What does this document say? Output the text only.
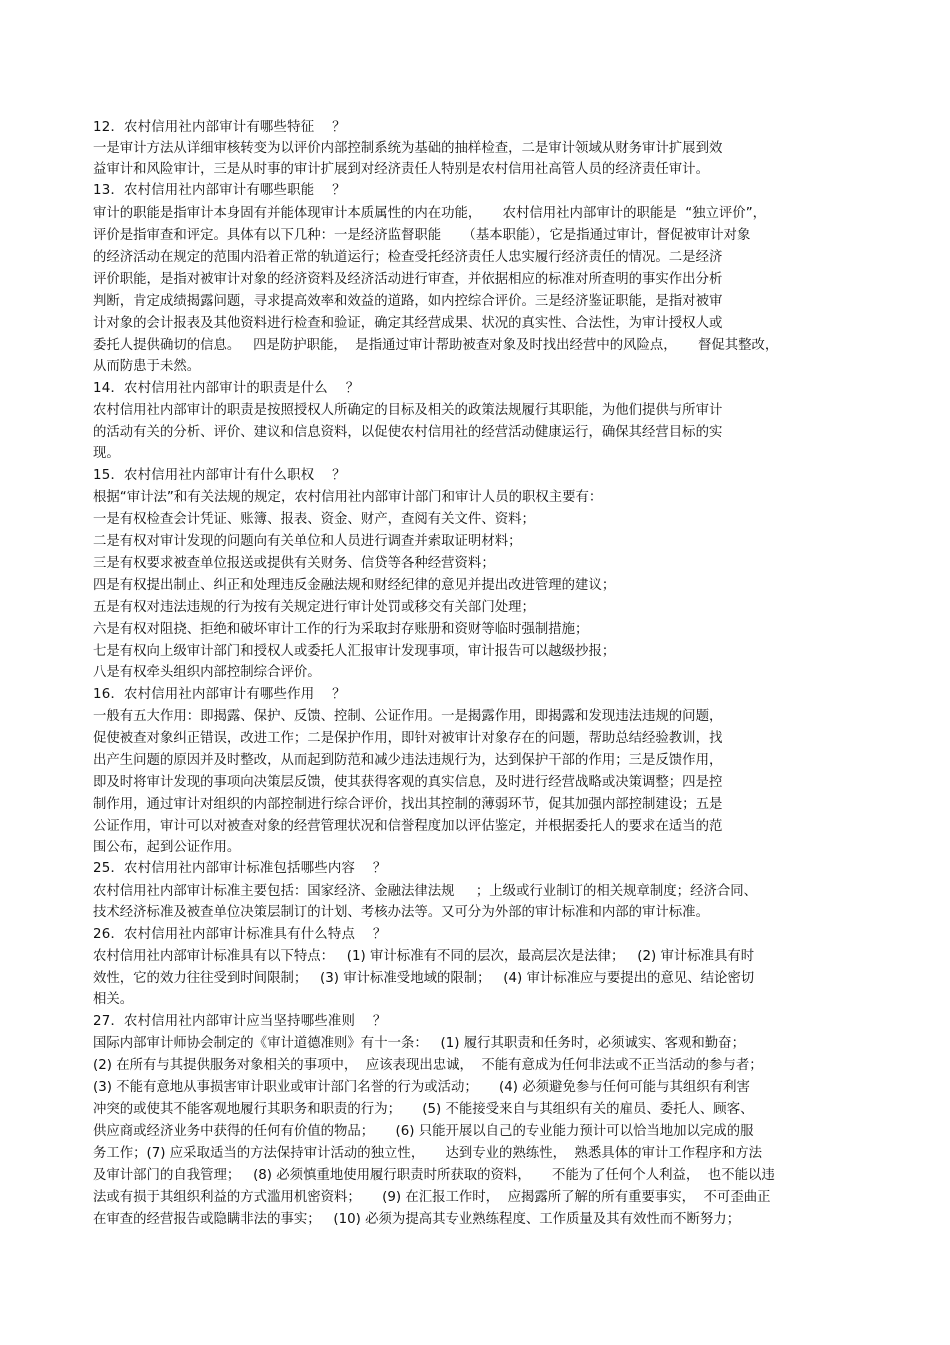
12．农村信用社内部审计有哪些特征    ？
一是审计方法从详细审核转变为以评价内部控制系统为基础的抽样检查，二是审计领域从财务审计扩展到效
益审计和风险审计，三是从时事的审计扩展到对经济责任人特别是农村信用社高管人员的经济责任审计。
13．农村信用社内部审计有哪些职能    ？
审计的职能是指审计本身固有并能体现审计本质属性的内在功能，     农村信用社内部审计的职能是  “独立评价”，
评价是指审查和评定。具体有以下几种：一是经济监督职能     （基本职能），它是指通过审计，督促被审计对象
的经济活动在规定的范围内沿着正常的轨道运行；检查受托经济责任人忠实履行经济责任的情况。二是经济
评价职能，是指对被审计对象的经济资料及经济活动进行审查，并依据相应的标准对所查明的事实作出分析
判断，肯定成绩揭露问题，寻求提高效率和效益的道路，如内控综合评价。三是经济鉴证职能，是指对被审
计对象的会计报表及其他资料进行检查和验证，确定其经营成果、状况的真实性、合法性，为审计授权人或
委托人提供确切的信息。   四是防护职能，  是指通过审计帮助被查对象及时找出经营中的风险点，     督促其整改，
从而防患于未然。
14．农村信用社内部审计的职责是什么    ？
农村信用社内部审计的职责是按照授权人所确定的目标及相关的政策法规履行其职能，为他们提供与所审计
的活动有关的分析、评价、建议和信息资料，以促使农村信用社的经营活动健康运行，确保其经营目标的实
现。
15．农村信用社内部审计有什么职权    ？
根据“审计法”和有关法规的规定，农村信用社内部审计部门和审计人员的职权主要有：
一是有权检查会计凭证、账簿、报表、资金、财产，查阅有关文件、资料；
二是有权对审计发现的问题向有关单位和人员进行调查并索取证明材料；
三是有权要求被查单位报送或提供有关财务、信贷等各种经营资料；
四是有权提出制止、纠正和处理违反金融法规和财经纪律的意见并提出改进管理的建议；
五是有权对违法违规的行为按有关规定进行审计处罚或移交有关部门处理；
六是有权对阻挠、拒绝和破坏审计工作的行为采取封存账册和资财等临时强制措施；
七是有权向上级审计部门和授权人或委托人汇报审计发现事项，审计报告可以越级抄报；
八是有权牵头组织内部控制综合评价。
16．农村信用社内部审计有哪些作用    ？
一般有五大作用：即揭露、保护、反馈、控制、公证作用。一是揭露作用，即揭露和发现违法违规的问题，
促使被查对象纠正错误，改进工作；二是保护作用，即针对被审计对象存在的问题，帮助总结经验教训，找
出产生问题的原因并及时整改，从而起到防范和减少违法违规行为，达到保护干部的作用；三是反馈作用，
即及时将审计发现的事项向决策层反馈，使其获得客观的真实信息，及时进行经营战略或决策调整；四是控
制作用，通过审计对组织的内部控制进行综合评价，找出其控制的薄弱环节，促其加强内部控制建设；五是
公证作用，审计可以对被查对象的经营管理状况和信誉程度加以评估鉴定，并根据委托人的要求在适当的范
围公布，起到公证作用。
25．农村信用社内部审计标准包括哪些内容    ？
农村信用社内部审计标准主要包括：国家经济、金融法律法规     ；上级或行业制订的相关规章制度；经济合同、
技术经济标准及被查单位决策层制订的计划、考核办法等。又可分为外部的审计标准和内部的审计标准。
26．农村信用社内部审计标准具有什么特点    ？
农村信用社内部审计标准具有以下特点：   (1) 审计标准有不同的层次，最高层次是法律；   (2) 审计标准具有时
效性，它的效力往往受到时间限制；   (3) 审计标准受地域的限制；   (4) 审计标准应与要提出的意见、结论密切
相关。
27．农村信用社内部审计应当坚持哪些准则    ？
国际内部审计师协会制定的《审计道德准则》有十一条：   (1) 履行其职责和任务时，必须诚实、客观和勤奋；
(2) 在所有与其提供服务对象相关的事项中，  应该表现出忠诚，  不能有意成为任何非法或不正当活动的参与者；
(3) 不能有意地从事损害审计职业或审计部门名誉的行为或活动；     (4) 必须避免参与任何可能与其组织有利害
冲突的或使其不能客观地履行其职务和职责的行为；     (5) 不能接受来自与其组织有关的雇员、委托人、顾客、
供应商或经济业务中获得的任何有价值的物品；     (6) 只能开展以自己的专业能力预计可以恰当地加以完成的服
务工作；(7) 应采取适当的方法保持审计活动的独立性，     达到专业的熟练性，  熟悉具体的审计工作程序和方法
及审计部门的自我管理；   (8) 必须慎重地使用履行职责时所获取的资料，     不能为了任何个人利益，  也不能以违
法或有损于其组织利益的方式滥用机密资料；     (9) 在汇报工作时，  应揭露所了解的所有重要事实，  不可歪曲正
在审查的经营报告或隐瞒非法的事实；   (10) 必须为提高其专业熟练程度、工作质量及其有效性而不断努力；
